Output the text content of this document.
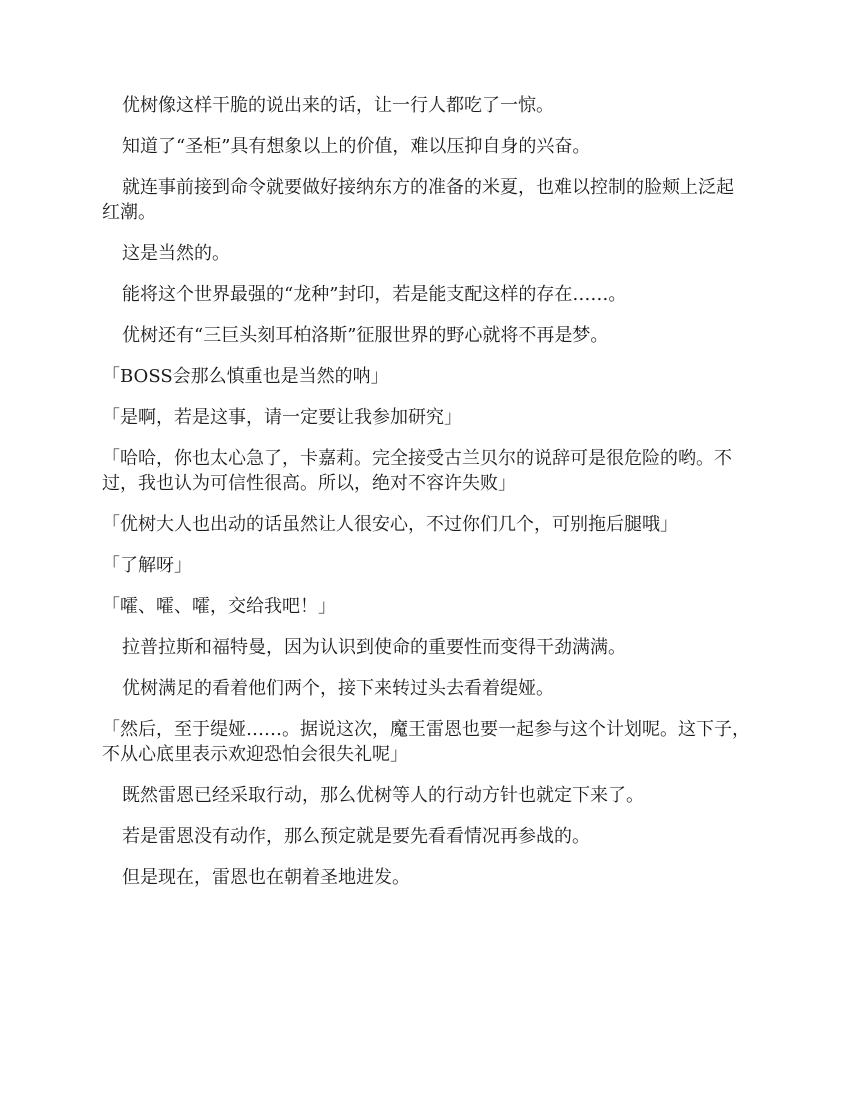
优树像这样干脆的说出来的话，让一行人都吃了一惊。

知道了“圣柜”具有想象以上的价值，难以压抑自身的兴奋。

就连事前接到命令就要做好接纳东方的准备的米夏，也难以控制的脸颊上泛起红潮。

这是当然的。

能将这个世界最强的“龙种”封印，若是能支配这样的存在……。

优树还有“三巨头刻耳柏洛斯”征服世界的野心就将不再是梦。

「BOSS会那么慎重也是当然的呐」

「是啊，若是这事，请一定要让我参加研究」

「哈哈，你也太心急了，卡嘉莉。完全接受古兰贝尔的说辞可是很危险的哟。不过，我也认为可信性很高。所以，绝对不容许失败」

「优树大人也出动的话虽然让人很安心，不过你们几个，可别拖后腿哦」

「了解呀」

「嚯、嚯、嚯，交给我吧！」

拉普拉斯和福特曼，因为认识到使命的重要性而变得干劲满满。

优树满足的看着他们两个，接下来转过头去看着缇娅。

「然后，至于缇娅……。据说这次，魔王雷恩也要一起参与这个计划呢。这下子，不从心底里表示欢迎恐怕会很失礼呢」

既然雷恩已经采取行动，那么优树等人的行动方针也就定下来了。

若是雷恩没有动作，那么预定就是要先看看情况再参战的。

但是现在，雷恩也在朝着圣地进发。
